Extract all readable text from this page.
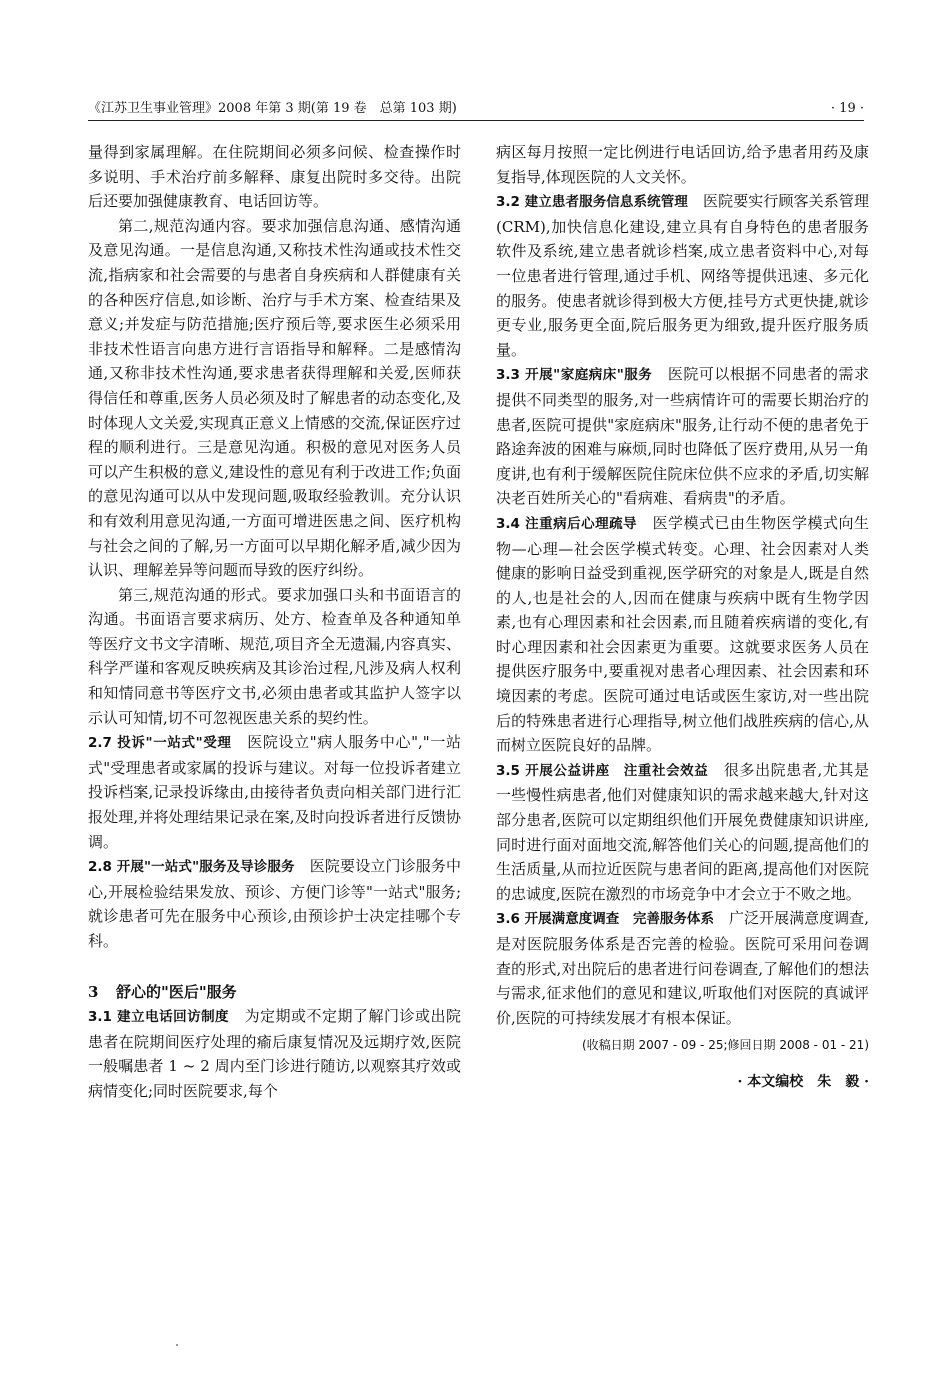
《江苏卫生事业管理》2008 年第 3 期(第 19 卷　总第 103 期)	· 19 ·

量得到家属理解。在住院期间必须多问候、检查操作时多说明、手术治疗前多解释、康复出院时多交待。出院后还要加强健康教育、电话回访等。

第二,规范沟通内容。要求加强信息沟通、感情沟通及意见沟通。一是信息沟通,又称技术性沟通或技术性交流,指病家和社会需要的与患者自身疾病和人群健康有关的各种医疗信息,如诊断、治疗与手术方案、检查结果及意义;并发症与防范措施;医疗预后等,要求医生必须采用非技术性语言向患方进行言语指导和解释。二是感情沟通,又称非技术性沟通,要求患者获得理解和关爱,医师获得信任和尊重,医务人员必须及时了解患者的动态变化,及时体现人文关爱,实现真正意义上情感的交流,保证医疗过程的顺利进行。三是意见沟通。积极的意见对医务人员可以产生积极的意义,建设性的意见有利于改进工作;负面的意见沟通可以从中发现问题,吸取经验教训。充分认识和有效利用意见沟通,一方面可增进医患之间、医疗机构与社会之间的了解,另一方面可以早期化解矛盾,减少因为认识、理解差异等问题而导致的医疗纠纷。

第三,规范沟通的形式。要求加强口头和书面语言的沟通。书面语言要求病历、处方、检查单及各种通知单等医疗文书文字清晰、规范,项目齐全无遗漏,内容真实、科学严谨和客观反映疾病及其诊治过程,凡涉及病人权利和知情同意书等医疗文书,必须由患者或其监护人签字以示认可知情,切不可忽视医患关系的契约性。

2.7 投诉"一站式"受理　 医院设立"病人服务中心","一站式"受理患者或家属的投诉与建议。对每一位投诉者建立投诉档案,记录投诉缘由,由接待者负责向相关部门进行汇报处理,并将处理结果记录在案,及时向投诉者进行反馈协调。

2.8 开展"一站式"服务及导诊服务　 医院要设立门诊服务中心,开展检验结果发放、预诊、方便门诊等"一站式"服务;就诊患者可先在服务中心预诊,由预诊护士决定挂哪个专科。

3 舒心的"医后"服务

3.1 建立电话回访制度　 为定期或不定期了解门诊或出院患者在院期间医疗处理的瘉后康复情况及远期疗效,医院一般嘱患者 1 ~ 2 周内至门诊进行随访,以观察其疗效或病情变化;同时医院要求,每个

病区每月按照一定比例进行电话回访,给予患者用药及康复指导,体现医院的人文关怀。

3.2 建立患者服务信息系统管理　 医院要实行顾客关系管理(CRM),加快信息化建设,建立具有自身特色的患者服务软件及系统,建立患者就诊档案,成立患者资料中心,对每一位患者进行管理,通过手机、网络等提供迅速、多元化的服务。使患者就诊得到极大方便,挂号方式更快捷,就诊更专业,服务更全面,院后服务更为细致,提升医疗服务质量。

3.3 开展"家庭病床"服务　 医院可以根据不同患者的需求提供不同类型的服务,对一些病情许可的需要长期治疗的患者,医院可提供"家庭病床"服务,让行动不便的患者免于路途奔波的困难与麻烦,同时也降低了医疗费用,从另一角度讲,也有利于缓解医院住院床位供不应求的矛盾,切实解决老百姓所关心的"看病难、看病贵"的矛盾。

3.4 注重病后心理疏导　 医学模式已由生物医学模式向生物—心理—社会医学模式转变。心理、社会因素对人类健康的影响日益受到重视,医学研究的对象是人,既是自然的人,也是社会的人,因而在健康与疾病中既有生物学因素,也有心理因素和社会因素,而且随着疾病谱的变化,有时心理因素和社会因素更为重要。这就要求医务人员在提供医疗服务中,要重视对患者心理因素、社会因素和环境因素的考虑。医院可通过电话或医生家访,对一些出院后的特殊患者进行心理指导,树立他们战胜疾病的信心,从而树立医院良好的品牌。

3.5 开展公益讲座　注重社会效益　 很多出院患者,尤其是一些慢性病患者,他们对健康知识的需求越来越大,针对这部分患者,医院可以定期组织他们开展免费健康知识讲座,同时进行面对面地交流,解答他们关心的问题,提高他们的生活质量,从而拉近医院与患者间的距离,提高他们对医院的忠诚度,医院在激烈的市场竞争中才会立于不败之地。

3.6 开展满意度调查　完善服务体系　 广泛开展满意度调查,是对医院服务体系是否完善的检验。医院可采用问卷调查的形式,对出院后的患者进行问卷调查,了解他们的想法与需求,征求他们的意见和建议,听取他们对医院的真诚评价,医院的可持续发展才有根本保证。

(收稿日期 2007 - 09 - 25;修回日期 2008 - 01 - 21)

· 本文编校　朱　毅 ·
